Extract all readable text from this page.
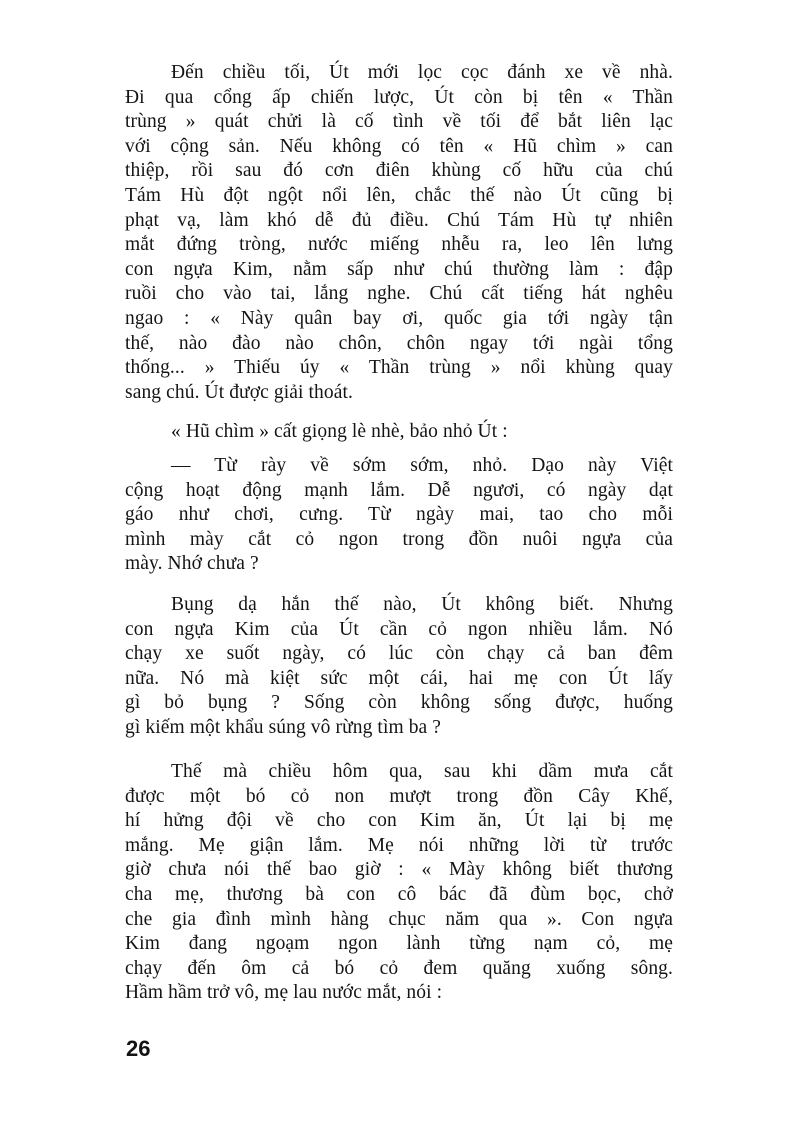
Đến chiều tối, Út mới lọc cọc đánh xe về nhà.
Đi qua cổng ấp chiến lược, Út còn bị tên « Thần
trùng » quát chửi là cố tình về tối để bắt liên lạc
với cộng sản. Nếu không có tên « Hũ chìm » can
thiệp, rồi sau đó cơn điên khùng cố hữu của chú
Tám Hù đột ngột nổi lên, chắc thế nào Út cũng bị
phạt vạ, làm khó dễ đủ điều. Chú Tám Hù tự nhiên
mắt đứng tròng, nước miếng nhễu ra, leo lên lưng
con ngựa Kim, nằm sấp như chú thường làm : đập
ruồi cho vào tai, lắng nghe. Chú cất tiếng hát nghêu
ngao : « Này quân bay ơi, quốc gia tới ngày tận
thế, nào đào nào chôn, chôn ngay tới ngài tổng
thống... » Thiếu úy « Thần trùng » nổi khùng quay
sang chú. Út được giải thoát.
« Hũ chìm » cất giọng lè nhè, bảo nhỏ Út :
— Từ rày về sớm sớm, nhỏ. Dạo này Việt
cộng hoạt động mạnh lắm. Dễ ngươi, có ngày dạt
gáo như chơi, cưng. Từ ngày mai, tao cho mỗi
mình mày cắt cỏ ngon trong đồn nuôi ngựa của
mày. Nhớ chưa ?
Bụng dạ hắn thế nào, Út không biết. Nhưng
con ngựa Kim của Út cần cỏ ngon nhiều lắm. Nó
chạy xe suốt ngày, có lúc còn chạy cả ban đêm
nữa. Nó mà kiệt sức một cái, hai mẹ con Út lấy
gì bỏ bụng ? Sống còn không sống được, huống
gì kiếm một khẩu súng vô rừng tìm ba ?
Thế mà chiều hôm qua, sau khi dầm mưa cắt
được một bó cỏ non mượt trong đồn Cây Khế,
hí hửng đội về cho con Kim ăn, Út lại bị mẹ
mắng. Mẹ giận lắm. Mẹ nói những lời từ trước
giờ chưa nói thế bao giờ : « Mày không biết thương
cha mẹ, thương bà con cô bác đã đùm bọc, chở
che gia đình mình hàng chục năm qua ». Con ngựa
Kim đang ngoạm ngon lành từng nạm cỏ, mẹ
chạy đến ôm cả bó cỏ đem quăng xuống sông.
Hầm hầm trở vô, mẹ lau nước mắt, nói :
26
